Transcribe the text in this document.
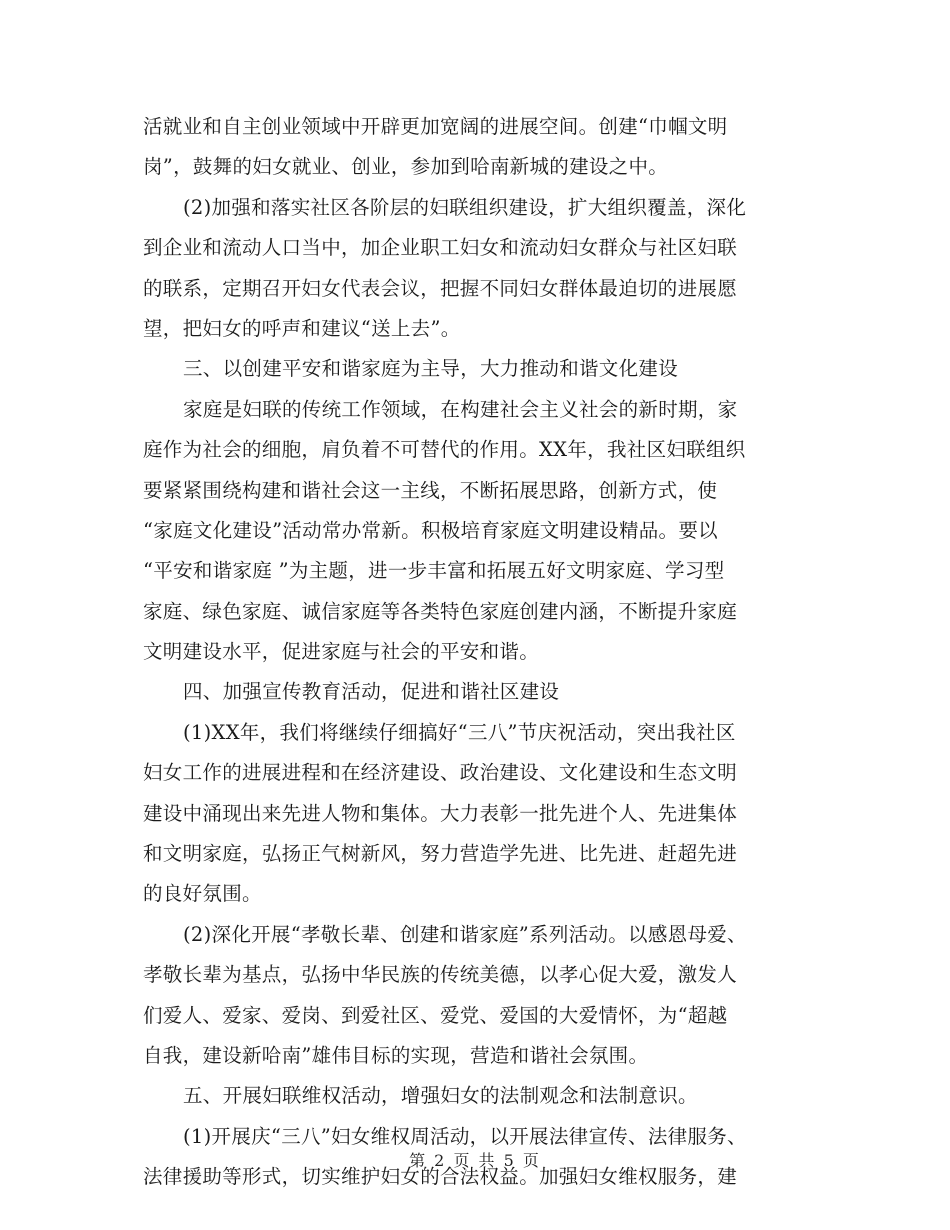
活就业和自主创业领域中开辟更加宽阔的进展空间。创建“巾帼文明
岗”，鼓舞的妇女就业、创业，参加到哈南新城的建设之中。
(2)加强和落实社区各阶层的妇联组织建设，扩大组织覆盖，深化
到企业和流动人口当中，加企业职工妇女和流动妇女群众与社区妇联
的联系，定期召开妇女代表会议，把握不同妇女群体最迫切的进展愿
望，把妇女的呼声和建议“送上去”。
三、以创建平安和谐家庭为主导，大力推动和谐文化建设
家庭是妇联的传统工作领域，在构建社会主义社会的新时期，家
庭作为社会的细胞，肩负着不可替代的作用。XX年，我社区妇联组织
要紧紧围绕构建和谐社会这一主线，不断拓展思路，创新方式，使
“家庭文化建设”活动常办常新。积极培育家庭文明建设精品。要以
“平安和谐家庭 ”为主题，进一步丰富和拓展五好文明家庭、学习型
家庭、绿色家庭、诚信家庭等各类特色家庭创建内涵，不断提升家庭
文明建设水平，促进家庭与社会的平安和谐。
四、加强宣传教育活动，促进和谐社区建设
(1)XX年，我们将继续仔细搞好“三八”节庆祝活动，突出我社区
妇女工作的进展进程和在经济建设、政治建设、文化建设和生态文明
建设中涌现出来先进人物和集体。大力表彰一批先进个人、先进集体
和文明家庭，弘扬正气树新风，努力营造学先进、比先进、赶超先进
的良好氛围。
(2)深化开展“孝敬长辈、创建和谐家庭”系列活动。以感恩母爱、
孝敬长辈为基点，弘扬中华民族的传统美德，以孝心促大爱，激发人
们爱人、爱家、爱岗、到爱社区、爱党、爱国的大爱情怀，为“超越
自我，建设新哈南”雄伟目标的实现，营造和谐社会氛围。
五、开展妇联维权活动，增强妇女的法制观念和法制意识。
(1)开展庆“三八”妇女维权周活动，以开展法律宣传、法律服务、
法律援助等形式，切实维护妇女的合法权益。加强妇女维权服务，建
第 2 页 共 5 页
